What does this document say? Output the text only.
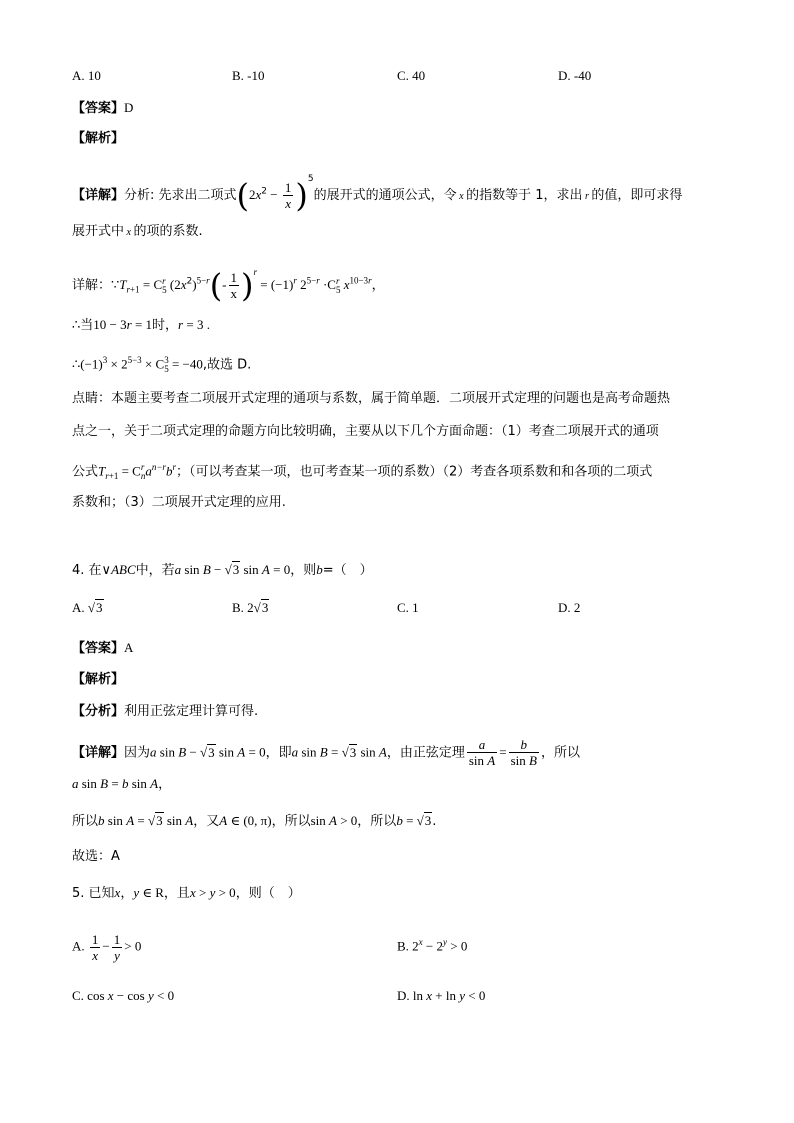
A. 10	B. -10	C. 40	D. -40
【答案】D
【解析】
【详解】分析: 先求出二项式$(2x^2 - \frac{1}{x} )^5$的展开式的通项公式，令 x 的指数等于 1，求出 r 的值，即可求得
展开式中 x 的项的系数.
详解：$\because T_{r+1} = C$ r
5 $(2x^2)^{5-r}(- \frac{1}{x} )^r = (-1)^r$ $2^{5-r} \cdot C$ r
5 $x^{10-3r}$，
∴当10 − 3r = 1时，r = 3 .
$\therefore(-1)^3 \times 2^{5-3} \times C$ 3
5 = −40,故选 D.
点睛：本题主要考查二项展开式定理的通项与系数，属于简单题．二项展开式定理的问题也是高考命题热
点之一，关于二项式定理的命题方向比较明确，主要从以下几个方面命题：（1）考查二项展开式的通项
公式$T_{r+1} = C$ r
n $a^{n-r}b^r$；（可以考查某一项，也可考查某一项的系数）（2）考查各项系数和和各项的二项式
系数和；（3）二项展开式定理的应用.
4. 在∨ABC中，若a sin B − √3 sin A = 0，则b=（　）
A. √3	B. 2√3	C. 1	D. 2
【答案】A
【解析】
【分析】利用正弦定理计算可得.
【详解】因为a sin B − √3 sin A = 0，即a sin B = √3 sin A，由正弦定理 $\frac{a}{\text{sin A}} = \frac{b}{\text{sin B}}$ ，所以
a sin B = b sin A，
所以b sin A = √3 sin A，又A ∈ (0, π)，所以sin A > 0，所以b = √3.
故选：A
5. 已知x，y ∈ R，且x > y > 0，则（　）
A. $\frac{1}{x} - \frac{1}{y} > 0$	B. $2^x - 2^y > 0$
C. cos x − cos y < 0	D. ln x + ln y < 0
